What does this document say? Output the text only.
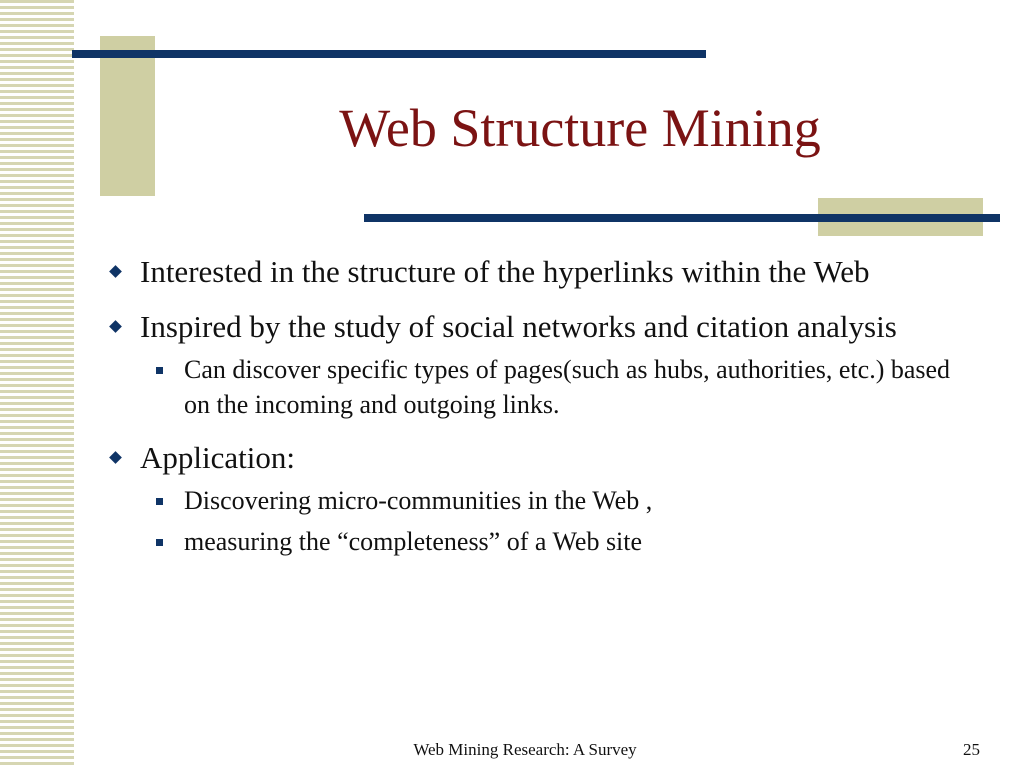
Web Structure Mining
Interested in the structure of the hyperlinks within the Web
Inspired by the study of social networks and citation analysis
Can discover specific types of pages(such as hubs, authorities, etc.) based on the incoming and outgoing links.
Application:
Discovering micro-communities in the Web ,
measuring the “completeness” of a Web site
Web Mining Research: A Survey	25
